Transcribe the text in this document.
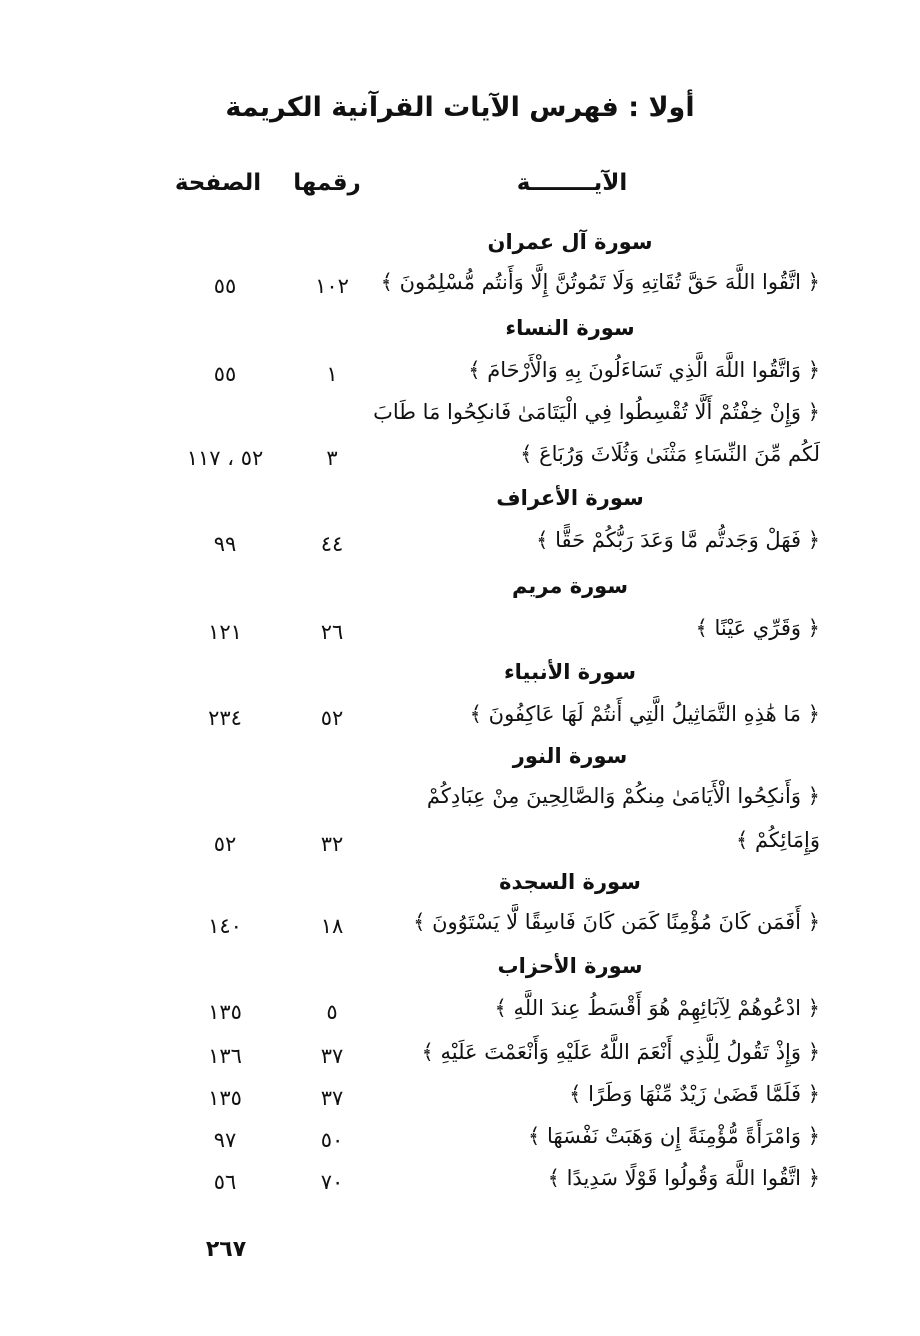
أولا : فهرس الآيات القرآنية الكريمة
الآيــــــــة
رقمها
الصفحة
سورة آل عمران
﴿ اتَّقُوا اللَّهَ حَقَّ تُقَاتِهِ وَلَا تَمُوتُنَّ إِلَّا وَأَنتُم مُّسْلِمُونَ ﴾
١٠٢
٥٥
سورة النساء
﴿ وَاتَّقُوا اللَّهَ الَّذِي تَسَاءَلُونَ بِهِ وَالْأَرْحَامَ ﴾
١
٥٥
﴿ وَإِنْ خِفْتُمْ أَلَّا تُقْسِطُوا فِي الْيَتَامَىٰ فَانكِحُوا مَا طَابَ
لَكُم مِّنَ النِّسَاءِ مَثْنَىٰ وَثُلَاثَ وَرُبَاعَ ﴾
٣
٥٢ ، ١١٧
سورة الأعراف
﴿ فَهَلْ وَجَدتُّم مَّا وَعَدَ رَبُّكُمْ حَقًّا ﴾
٤٤
٩٩
سورة مريم
﴿ وَقَرِّي عَيْنًا ﴾
٢٦
١٢١
سورة الأنبياء
﴿ مَا هَٰذِهِ التَّمَاثِيلُ الَّتِي أَنتُمْ لَهَا عَاكِفُونَ ﴾
٥٢
٢٣٤
سورة النور
﴿ وَأَنكِحُوا الْأَيَامَىٰ مِنكُمْ وَالصَّالِحِينَ مِنْ عِبَادِكُمْ
وَإِمَائِكُمْ ﴾
٣٢
٥٢
سورة السجدة
﴿ أَفَمَن كَانَ مُؤْمِنًا كَمَن كَانَ فَاسِقًا لَّا يَسْتَوُونَ ﴾
١٨
١٤٠
سورة الأحزاب
﴿ ادْعُوهُمْ لِآبَائِهِمْ هُوَ أَقْسَطُ عِندَ اللَّهِ ﴾
٥
١٣٥
﴿ وَإِذْ تَقُولُ لِلَّذِي أَنْعَمَ اللَّهُ عَلَيْهِ وَأَنْعَمْتَ عَلَيْهِ ﴾
٣٧
١٣٦
﴿ فَلَمَّا قَضَىٰ زَيْدٌ مِّنْهَا وَطَرًا ﴾
٣٧
١٣٥
﴿ وَامْرَأَةً مُّؤْمِنَةً إِن وَهَبَتْ نَفْسَهَا ﴾
٥٠
٩٧
﴿ اتَّقُوا اللَّهَ وَقُولُوا قَوْلًا سَدِيدًا ﴾
٧٠
٥٦
٢٦٧
